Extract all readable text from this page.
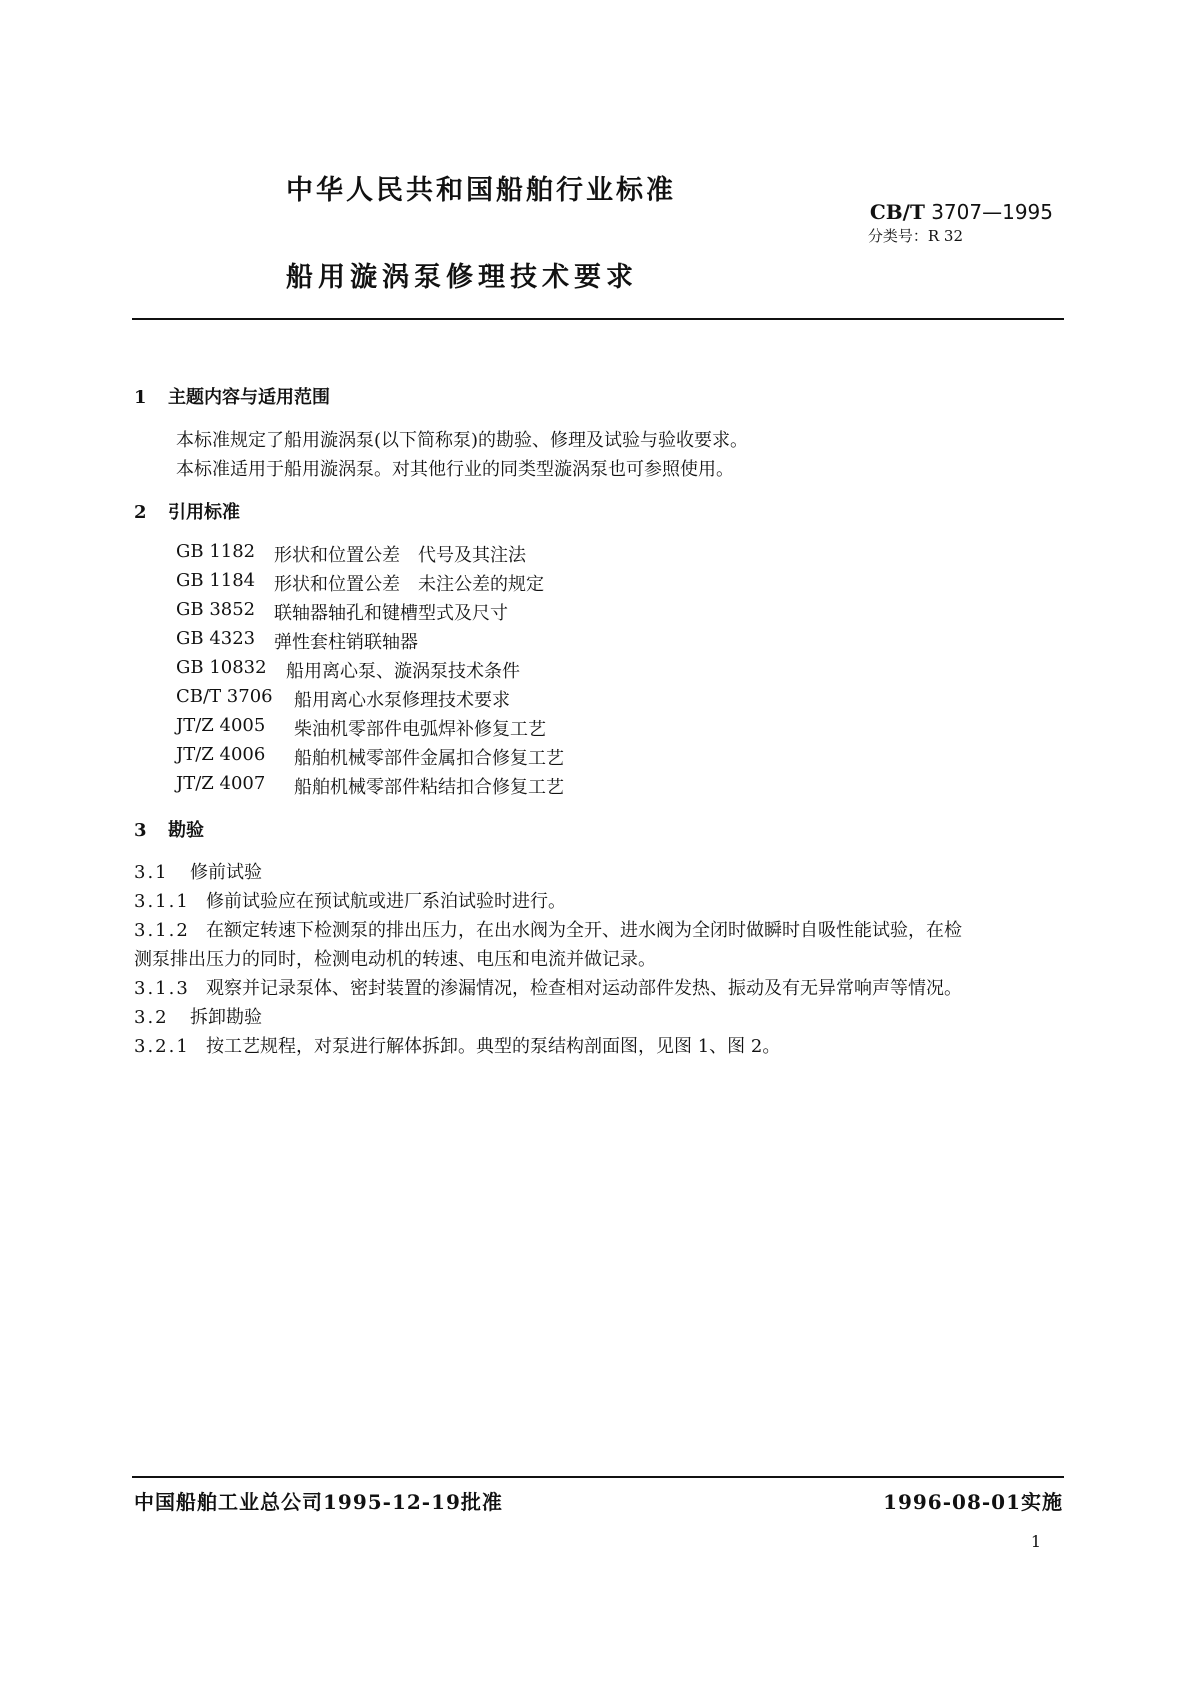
中华人民共和国船舶行业标准
CB/T 3707—1995
分类号：R 32
船用漩涡泵修理技术要求
1 主题内容与适用范围
本标准规定了船用漩涡泵(以下简称泵)的勘验、修理及试验与验收要求。
本标准适用于船用漩涡泵。对其他行业的同类型漩涡泵也可参照使用。
2 引用标准
GB 1182 形状和位置公差　代号及其注法
GB 1184 形状和位置公差　未注公差的规定
GB 3852 联轴器轴孔和键槽型式及尺寸
GB 4323 弹性套柱销联轴器
GB 10832 船用离心泵、漩涡泵技术条件
CB/T 3706 船用离心水泵修理技术要求
JT/Z 4005 柴油机零部件电弧焊补修复工艺
JT/Z 4006 船舶机械零部件金属扣合修复工艺
JT/Z 4007 船舶机械零部件粘结扣合修复工艺
3 勘验
3.1 修前试验
3.1.1 修前试验应在预试航或进厂系泊试验时进行。
3.1.2 在额定转速下检测泵的排出压力，在出水阀为全开、进水阀为全闭时做瞬时自吸性能试验，在检
测泵排出压力的同时，检测电动机的转速、电压和电流并做记录。
3.1.3 观察并记录泵体、密封装置的渗漏情况，检查相对运动部件发热、振动及有无异常响声等情况。
3.2 拆卸勘验
3.2.1 按工艺规程，对泵进行解体拆卸。典型的泵结构剖面图，见图 1、图 2。
中国船舶工业总公司1995-12-19批准	1996-08-01实施
1
